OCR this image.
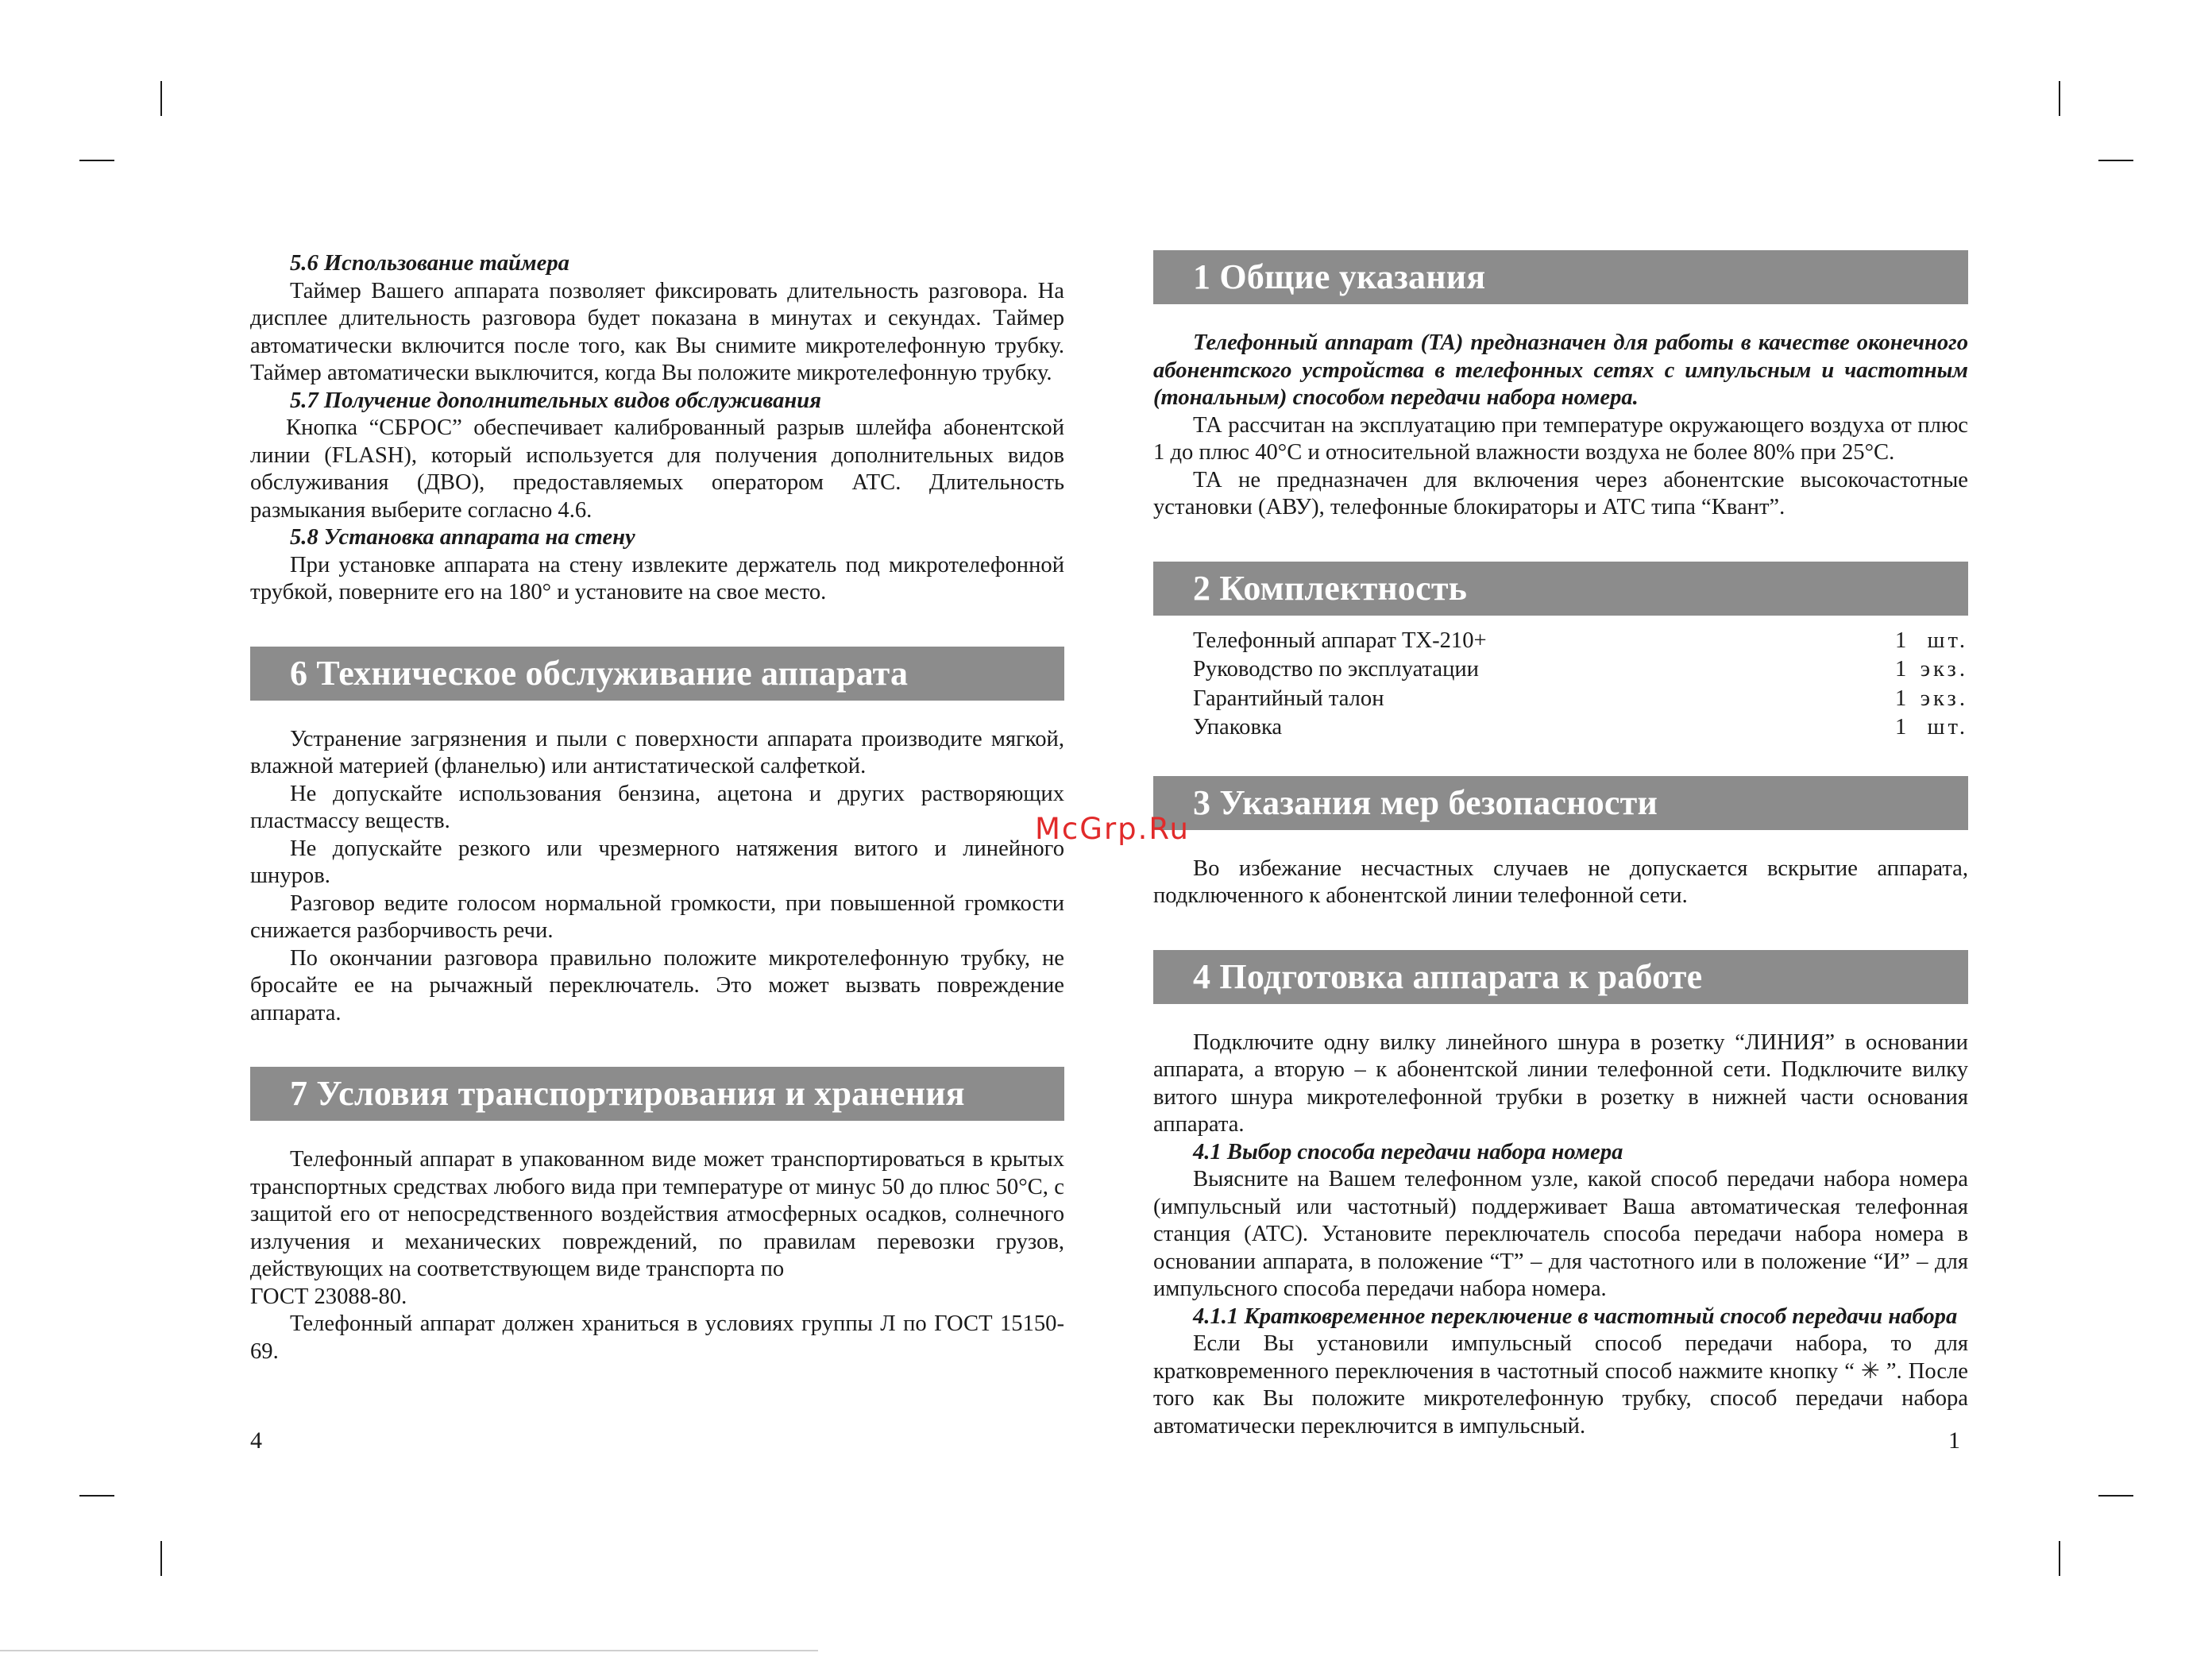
5.6 Использование таймера

Таймер Вашего аппарата позволяет фиксировать длительность разговора. На дисплее длительность разговора будет показана в минутах и секундах. Таймер автоматически включится после того, как Вы снимите микротелефонную трубку. Таймер автоматически выключится, когда Вы положите микротелефонную трубку.

5.7 Получение дополнительных видов обслуживания

Кнопка “СБРОС” обеспечивает калиброванный разрыв шлейфа абонентской линии (FLASH), который используется для получения дополнительных видов обслуживания (ДВО), предоставляемых оператором АТС. Длительность размыкания выберите согласно 4.6.

5.8 Установка аппарата на стену

При установке аппарата на стену извлеките держатель под микротелефонной трубкой, поверните его на 180° и установите на свое место.

6 Техническое обслуживание аппарата

Устранение загрязнения и пыли с поверхности аппарата производите мягкой, влажной материей (фланелью) или антистатической салфеткой.

Не допускайте использования бензина, ацетона и других растворяющих пластмассу веществ.

Не допускайте резкого или чрезмерного натяжения витого и линейного шнуров.

Разговор ведите голосом нормальной громкости, при повышенной громкости снижается разборчивость речи.

По окончании разговора правильно положите микротелефонную трубку, не бросайте ее на рычажный переключатель. Это может вызвать повреждение аппарата.

7 Условия транспортирования и хранения

Телефонный аппарат в упакованном виде может транспортироваться в крытых транспортных средствах любого вида при температуре от минус 50 до плюс 50°С, с защитой его от непосредственного воздействия атмосферных осадков, солнечного излучения и механических повреждений, по правилам перевозки грузов, действующих на соответствующем виде транспорта по

ГОСТ 23088-80.

Телефонный аппарат должен храниться в условиях группы Л по ГОСТ 15150-69.

1 Общие указания

Телефонный аппарат (ТА) предназначен для работы в качестве оконечного абонентского устройства в телефонных сетях с импульсным и частотным (тональным) способом передачи набора номера.

ТА рассчитан на эксплуатацию при температуре окружающего воздуха от плюс 1 до плюс 40°С и относительной влажности воздуха не более 80% при 25°С.

ТА не предназначен для включения через абонентские высокочастотные установки (АВУ), телефонные блокираторы и АТС типа “Квант”.

2 Комплектность
Телефонный аппарат ТХ-210+	1 шт.
Руководство по эксплуатации	1 экз.
Гарантийный талон	1 экз.
Упаковка	1 шт.
3 Указания мер безопасности

Во избежание несчастных случаев не допускается вскрытие аппарата, подключенного к абонентской линии телефонной сети.

4 Подготовка аппарата к работе

Подключите одну вилку линейного шнура в розетку “ЛИНИЯ” в основании аппарата, а вторую – к абонентской линии телефонной сети. Подключите вилку витого шнура микротелефонной трубки в розетку в нижней части основания аппарата.

4.1 Выбор способа передачи набора номера

Выясните на Вашем телефонном узле, какой способ передачи набора номера (импульсный или частотный) поддерживает Ваша автоматическая телефонная станция (АТС). Установите переключатель способа передачи набора номера в основании аппарата, в положение “Т” – для частотного или в положение “И” – для импульсного способа передачи набора номера.

4.1.1 Кратковременное переключение в частотный способ передачи набора

Если Вы установили импульсный способ передачи набора, то для кратковременного переключения в частотный способ нажмите кнопку “ ✳ ”. После того как Вы положите микротелефонную трубку, способ передачи набора автоматически переключится в импульсный.

4	1
McGrp.Ru
